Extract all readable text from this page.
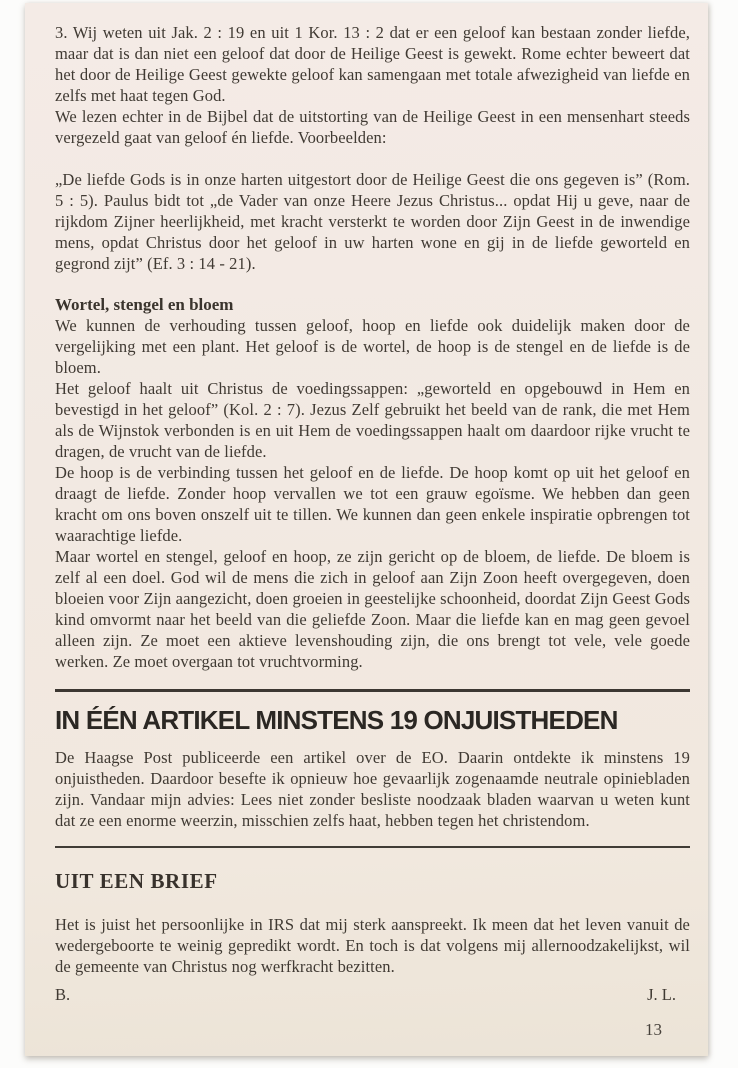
3. Wij weten uit Jak. 2 : 19 en uit 1 Kor. 13 : 2 dat er een geloof kan bestaan zonder liefde, maar dat is dan niet een geloof dat door de Heilige Geest is gewekt. Rome echter beweert dat het door de Heilige Geest gewekte geloof kan samengaan met totale afwezigheid van liefde en zelfs met haat tegen God.

We lezen echter in de Bijbel dat de uitstorting van de Heilige Geest in een mensenhart steeds vergezeld gaat van geloof én liefde. Voorbeelden:

„De liefde Gods is in onze harten uitgestort door de Heilige Geest die ons gegeven is” (Rom. 5 : 5). Paulus bidt tot „de Vader van onze Heere Jezus Christus... opdat Hij u geve, naar de rijkdom Zijner heerlijkheid, met kracht versterkt te worden door Zijn Geest in de inwendige mens, opdat Christus door het geloof in uw harten wone en gij in de liefde geworteld en gegrond zijt” (Ef. 3 : 14 - 21).

Wortel, stengel en bloem

We kunnen de verhouding tussen geloof, hoop en liefde ook duidelijk maken door de vergelijking met een plant. Het geloof is de wortel, de hoop is de stengel en de liefde is de bloem.

Het geloof haalt uit Christus de voedingssappen: „geworteld en opgebouwd in Hem en bevestigd in het geloof” (Kol. 2 : 7). Jezus Zelf gebruikt het beeld van de rank, die met Hem als de Wijnstok verbonden is en uit Hem de voedingssappen haalt om daardoor rijke vrucht te dragen, de vrucht van de liefde.

De hoop is de verbinding tussen het geloof en de liefde. De hoop komt op uit het geloof en draagt de liefde. Zonder hoop vervallen we tot een grauw egoïsme. We hebben dan geen kracht om ons boven onszelf uit te tillen. We kunnen dan geen enkele inspiratie opbrengen tot waarachtige liefde.

Maar wortel en stengel, geloof en hoop, ze zijn gericht op de bloem, de liefde. De bloem is zelf al een doel. God wil de mens die zich in geloof aan Zijn Zoon heeft overgegeven, doen bloeien voor Zijn aangezicht, doen groeien in geestelijke schoonheid, doordat Zijn Geest Gods kind omvormt naar het beeld van die geliefde Zoon. Maar die liefde kan en mag geen gevoel alleen zijn. Ze moet een aktieve levenshouding zijn, die ons brengt tot vele, vele goede werken. Ze moet overgaan tot vruchtvorming.

IN ÉÉN ARTIKEL MINSTENS 19 ONJUISTHEDEN

De Haagse Post publiceerde een artikel over de EO. Daarin ontdekte ik minstens 19 onjuistheden. Daardoor besefte ik opnieuw hoe gevaarlijk zogenaamde neutrale opiniebladen zijn. Vandaar mijn advies: Lees niet zonder besliste noodzaak bladen waarvan u weten kunt dat ze een enorme weerzin, misschien zelfs haat, hebben tegen het christendom.

UIT EEN BRIEF

Het is juist het persoonlijke in IRS dat mij sterk aanspreekt. Ik meen dat het leven vanuit de wedergeboorte te weinig gepredikt wordt. En toch is dat volgens mij allernoodzakelijkst, wil de gemeente van Christus nog werfkracht bezitten.

B.	J. L.
13
